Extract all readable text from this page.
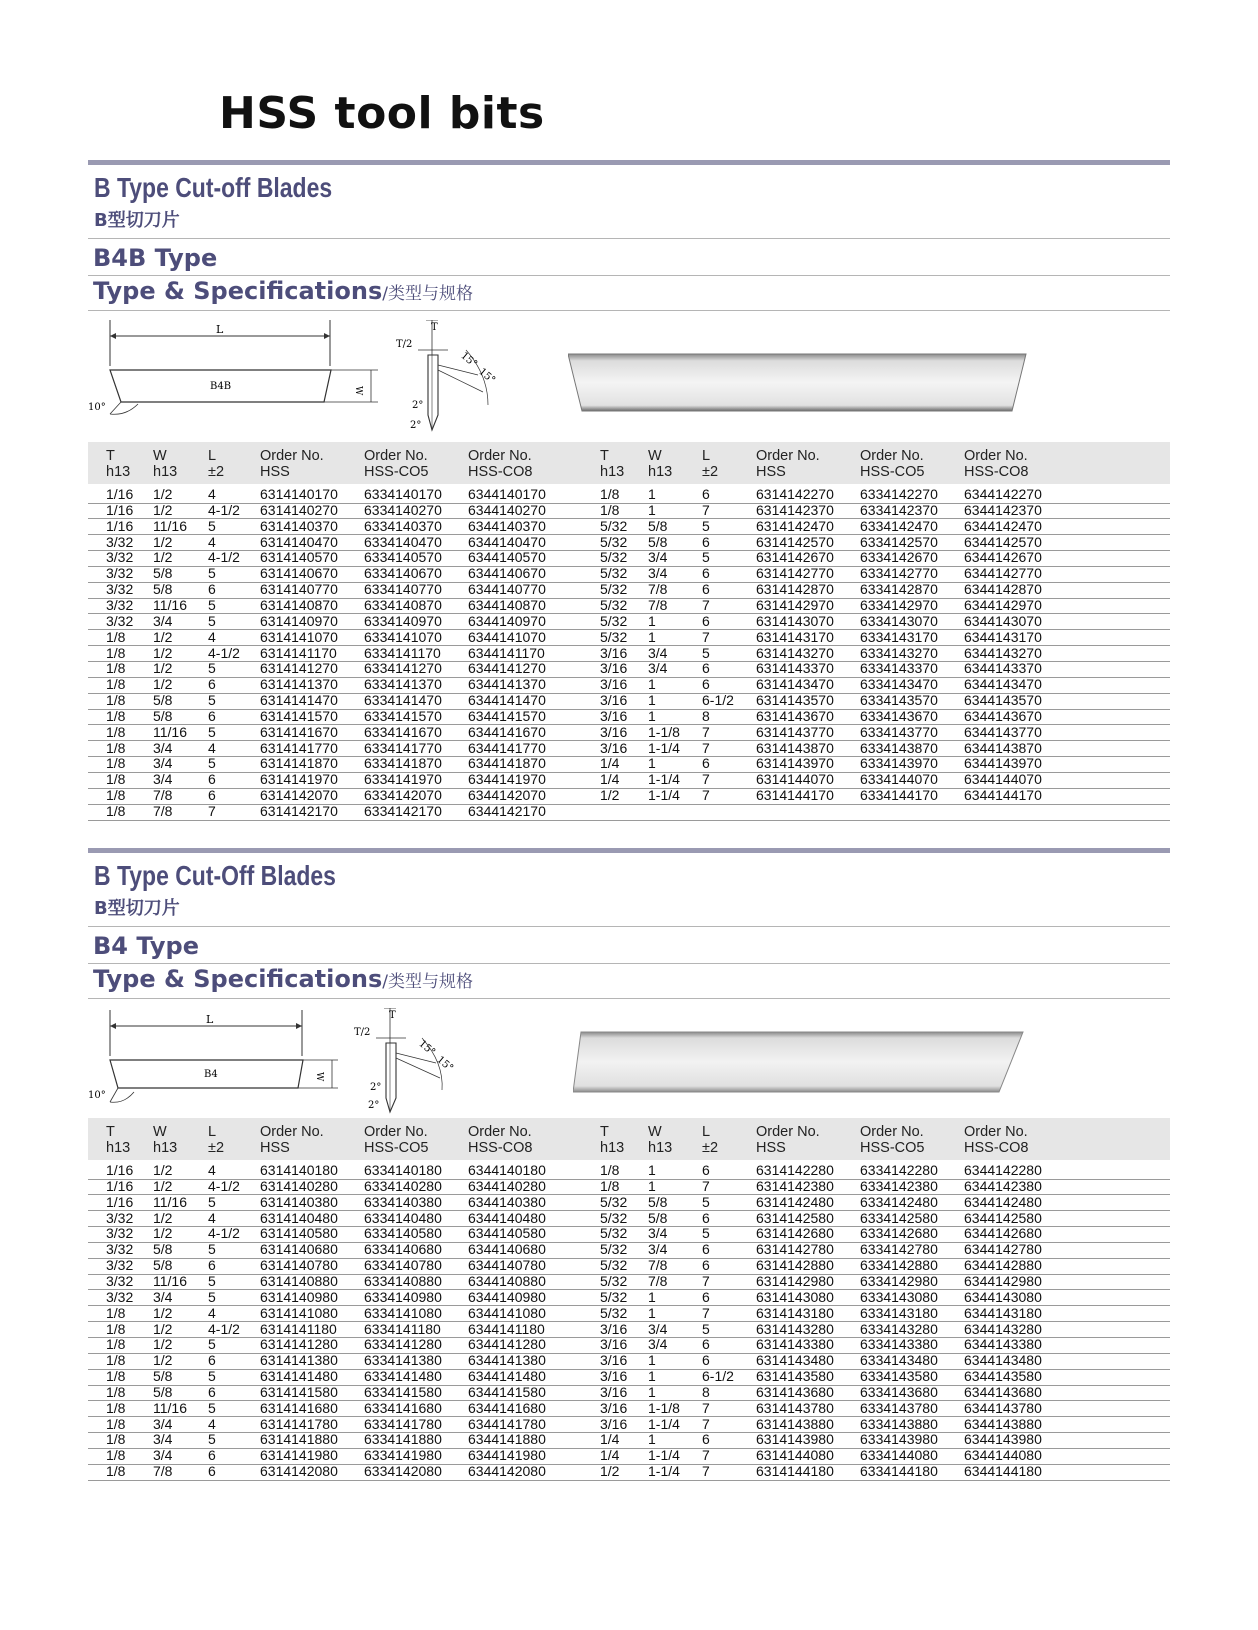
HSS tool bits
B Type Cut-off Blades
B型切刀片
B4B Type
Type & Specifications/类型与规格
L
W
B4B
10°
T
T/2
15°
15°
2°
2°
T
h13
W
h13
L
±2
Order No.
HSS
Order No.
HSS-CO5
Order No.
HSS-CO8
T
h13
W
h13
L
±2
Order No.
HSS
Order No.
HSS-CO5
Order No.
HSS-CO8
1/16 1/2	4	6314140170 6334140170 6344140170	1/8 1	6	6314142270 6334142270 6344142270
1/16 1/2	4-1/2 6314140270 6334140270 6344140270	1/8 1	7	6314142370 6334142370 6344142370
1/16 11/16 5	6314140370 6334140370 6344140370	5/32 5/8 5	6314142470 6334142470 6344142470
3/32 1/2	4	6314140470 6334140470 6344140470	5/32 5/8 6	6314142570 6334142570 6344142570
3/32 1/2	4-1/2 6314140570 6334140570 6344140570	5/32 3/4 5	6314142670 6334142670 6344142670
3/32 5/8	5	6314140670 6334140670 6344140670	5/32 3/4 6	6314142770 6334142770 6344142770
3/32 5/8	6	6314140770 6334140770 6344140770	5/32 7/8 6	6314142870 6334142870 6344142870
3/32 11/16 5	6314140870 6334140870 6344140870	5/32 7/8 7	6314142970 6334142970 6344142970
3/32 3/4	5	6314140970 6334140970 6344140970	5/32 1	6	6314143070 6334143070 6344143070
1/8 1/2	4	6314141070 6334141070 6344141070	5/32 1	7	6314143170 6334143170 6344143170
1/8 1/2	4-1/2 6314141170 6334141170 6344141170	3/16 3/4 5	6314143270 6334143270 6344143270
1/8 1/2	5	6314141270 6334141270 6344141270	3/16 3/4 6	6314143370 6334143370 6344143370
1/8 1/2	6	6314141370 6334141370 6344141370	3/16 1	6	6314143470 6334143470 6344143470
1/8 5/8	5	6314141470 6334141470 6344141470	3/16 1	6-1/2 6314143570 6334143570 6344143570
1/8 5/8	6	6314141570 6334141570 6344141570	3/16 1	8	6314143670 6334143670 6344143670
1/8 11/16 5	6314141670 6334141670 6344141670	3/16 1-1/8 7	6314143770 6334143770 6344143770
1/8 3/4	4	6314141770 6334141770 6344141770	3/16 1-1/4 7	6314143870 6334143870 6344143870
1/8 3/4	5	6314141870 6334141870 6344141870	1/4 1	6	6314143970 6334143970 6344143970
1/8 3/4	6	6314141970 6334141970 6344141970	1/4 1-1/4 7	6314144070 6334144070 6344144070
1/8 7/8	6	6314142070 6334142070 6344142070	1/2 1-1/4 7	6314144170 6334144170 6344144170
1/8 7/8	7	6314142170 6334142170 6344142170
B Type Cut-Off Blades
B型切刀片
B4 Type
Type & Specifications/类型与规格
L
W
B4
10°
T
T/2
15°
15°
2°
2°
T
h13
W
h13
L
±2
Order No.
HSS
Order No.
HSS-CO5
Order No.
HSS-CO8
T
h13
W
h13
L
±2
Order No.
HSS
Order No.
HSS-CO5
Order No.
HSS-CO8
1/16 1/2	4	6314140180 6334140180 6344140180	1/8 1	6	6314142280 6334142280 6344142280
1/16 1/2	4-1/2 6314140280 6334140280 6344140280	1/8 1	7	6314142380 6334142380 6344142380
1/16 11/16 5	6314140380 6334140380 6344140380	5/32 5/8 5	6314142480 6334142480 6344142480
3/32 1/2	4	6314140480 6334140480 6344140480	5/32 5/8 6	6314142580 6334142580 6344142580
3/32 1/2	4-1/2 6314140580 6334140580 6344140580	5/32 3/4 5	6314142680 6334142680 6344142680
3/32 5/8	5	6314140680 6334140680 6344140680	5/32 3/4 6	6314142780 6334142780 6344142780
3/32 5/8	6	6314140780 6334140780 6344140780	5/32 7/8 6	6314142880 6334142880 6344142880
3/32 11/16 5	6314140880 6334140880 6344140880	5/32 7/8 7	6314142980 6334142980 6344142980
3/32 3/4	5	6314140980 6334140980 6344140980	5/32 1	6	6314143080 6334143080 6344143080
1/8 1/2	4	6314141080 6334141080 6344141080	5/32 1	7	6314143180 6334143180 6344143180
1/8 1/2	4-1/2 6314141180 6334141180 6344141180	3/16 3/4 5	6314143280 6334143280 6344143280
1/8 1/2	5	6314141280 6334141280 6344141280	3/16 3/4 6	6314143380 6334143380 6344143380
1/8 1/2	6	6314141380 6334141380 6344141380	3/16 1	6	6314143480 6334143480 6344143480
1/8 5/8	5	6314141480 6334141480 6344141480	3/16 1	6-1/2 6314143580 6334143580 6344143580
1/8 5/8	6	6314141580 6334141580 6344141580	3/16 1	8	6314143680 6334143680 6344143680
1/8 11/16 5	6314141680 6334141680 6344141680	3/16 1-1/8 7	6314143780 6334143780 6344143780
1/8 3/4	4	6314141780 6334141780 6344141780	3/16 1-1/4 7	6314143880 6334143880 6344143880
1/8 3/4	5	6314141880 6334141880 6344141880	1/4 1	6	6314143980 6334143980 6344143980
1/8 3/4	6	6314141980 6334141980 6344141980	1/4 1-1/4 7	6314144080 6334144080 6344144080
1/8 7/8	6	6314142080 6334142080 6344142080	1/2 1-1/4 7	6314144180 6334144180 6344144180
